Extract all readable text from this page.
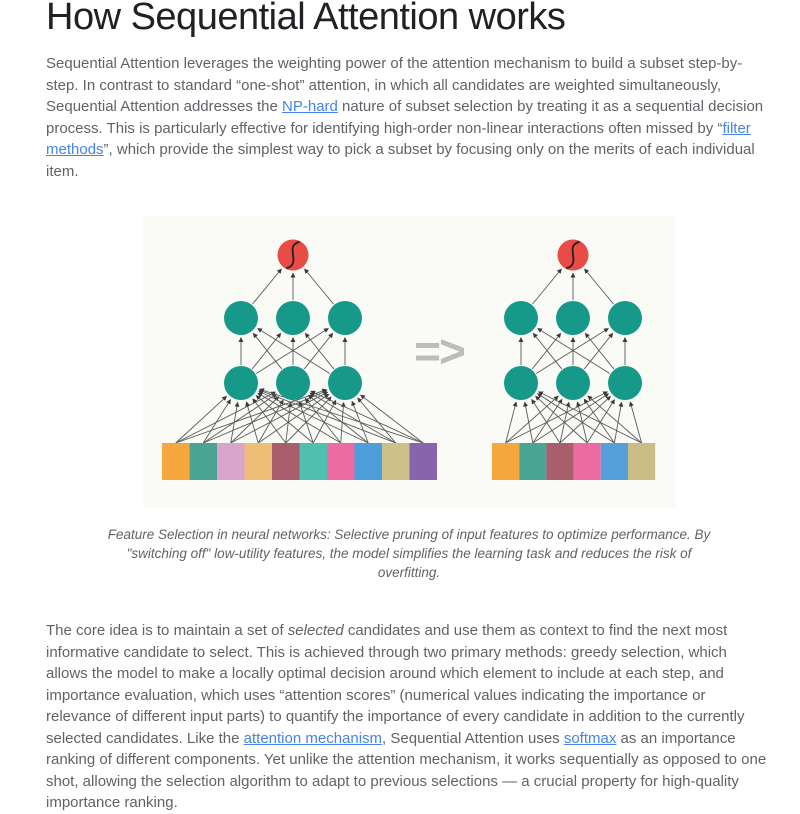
How Sequential Attention works

Sequential Attention leverages the weighting power of the attention mechanism to build a subset step-by-step. In contrast to standard “one-shot” attention, in which all candidates are weighted simultaneously, Sequential Attention addresses the NP-hard nature of subset selection by treating it as a sequential decision process. This is particularly effective for identifying high-order non-linear interactions often missed by “filter methods”, which provide the simplest way to pick a subset by focusing only on the merits of each individual item.

=>
Feature Selection in neural networks: Selective pruning of input features to optimize performance. By "switching off" low-utility features, the model simplifies the learning task and reduces the risk of overfitting.

The core idea is to maintain a set of selected candidates and use them as context to find the next most informative candidate to select. This is achieved through two primary methods: greedy selection, which allows the model to make a locally optimal decision around which element to include at each step, and importance evaluation, which uses “attention scores” (numerical values indicating the importance or relevance of different input parts) to quantify the importance of every candidate in addition to the currently selected candidates. Like the attention mechanism, Sequential Attention uses softmax as an importance ranking of different components. Yet unlike the attention mechanism, it works sequentially as opposed to one shot, allowing the selection algorithm to adapt to previous selections — a crucial property for high-quality importance ranking.
